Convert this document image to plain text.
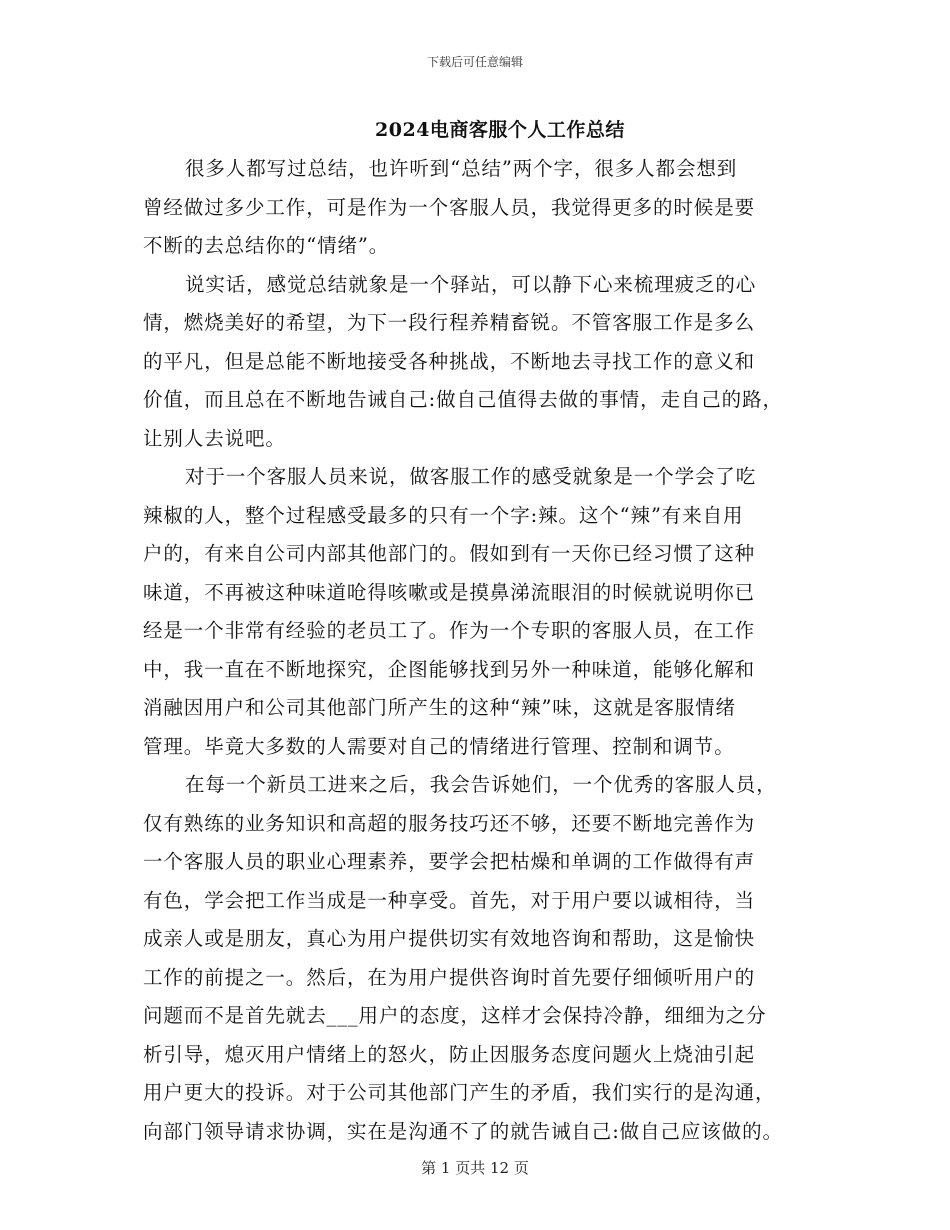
下载后可任意编辑
2024电商客服个人工作总结
很多人都写过总结，也许听到“总结”两个字，很多人都会想到
曾经做过多少工作，可是作为一个客服人员，我觉得更多的时候是要
不断的去总结你的“情绪”。
说实话，感觉总结就象是一个驿站，可以静下心来梳理疲乏的心
情，燃烧美好的希望，为下一段行程养精畜锐。不管客服工作是多么
的平凡，但是总能不断地接受各种挑战，不断地去寻找工作的意义和
价值，而且总在不断地告诫自己:做自己值得去做的事情，走自己的路，
让别人去说吧。
对于一个客服人员来说，做客服工作的感受就象是一个学会了吃
辣椒的人，整个过程感受最多的只有一个字:辣。这个“辣”有来自用
户的，有来自公司内部其他部门的。假如到有一天你已经习惯了这种
味道，不再被这种味道呛得咳嗽或是摸鼻涕流眼泪的时候就说明你已
经是一个非常有经验的老员工了。作为一个专职的客服人员，在工作
中，我一直在不断地探究，企图能够找到另外一种味道，能够化解和
消融因用户和公司其他部门所产生的这种“辣”味，这就是客服情绪
管理。毕竟大多数的人需要对自己的情绪进行管理、控制和调节。
在每一个新员工进来之后，我会告诉她们，一个优秀的客服人员，
仅有熟练的业务知识和高超的服务技巧还不够，还要不断地完善作为
一个客服人员的职业心理素养，要学会把枯燥和单调的工作做得有声
有色，学会把工作当成是一种享受。首先，对于用户要以诚相待，当
成亲人或是朋友，真心为用户提供切实有效地咨询和帮助，这是愉快
工作的前提之一。然后，在为用户提供咨询时首先要仔细倾听用户的
问题而不是首先就去___用户的态度，这样才会保持冷静，细细为之分
析引导，熄灭用户情绪上的怒火，防止因服务态度问题火上烧油引起
用户更大的投诉。对于公司其他部门产生的矛盾，我们实行的是沟通，
向部门领导请求协调，实在是沟通不了的就告诫自己:做自己应该做的。
第 1 页共 12 页
